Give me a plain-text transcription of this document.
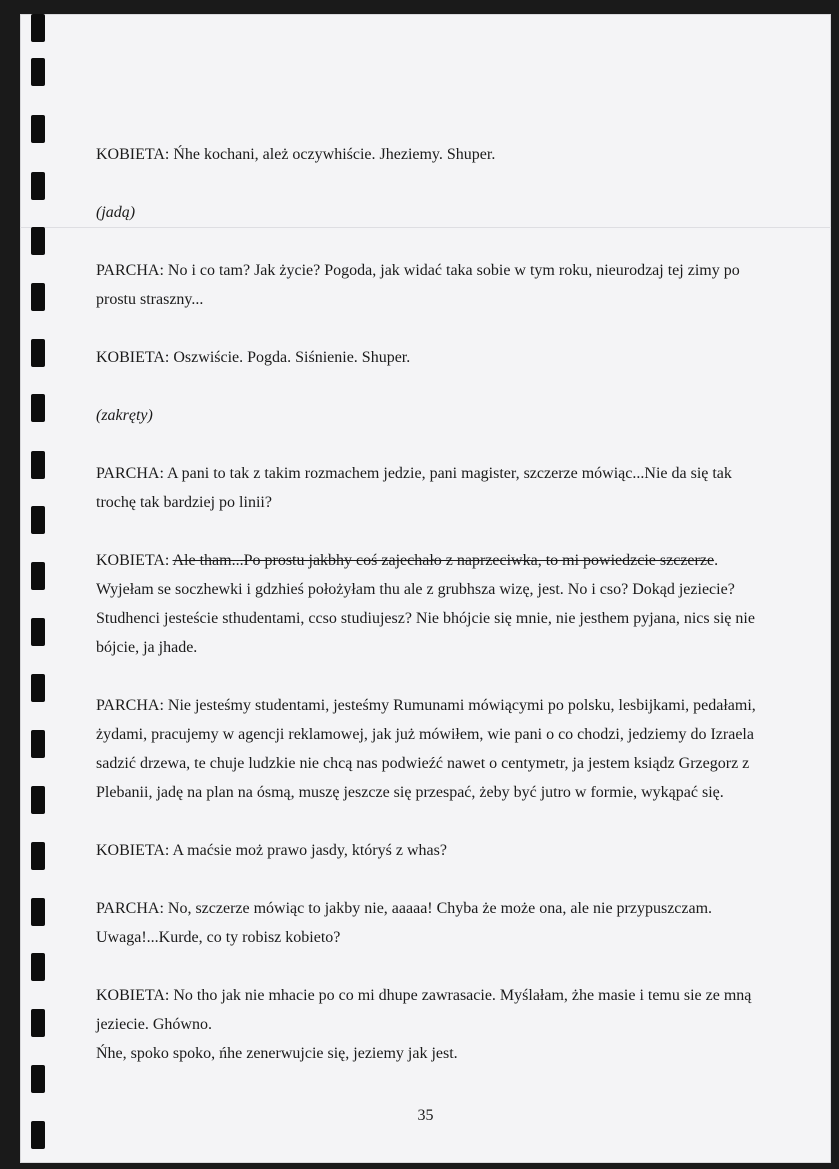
35

KOBIETA: Ńhe kochani, ależ oczywhiście. Jheziemy. Shuper.

(jadą)

PARCHA: No i co tam? Jak życie? Pogoda, jak widać taka sobie w tym roku, nieurodzaj tej zimy po prostu straszny...

KOBIETA: Oszwiście. Pogda. Siśnienie. Shuper.

(zakręty)

PARCHA: A pani to tak z takim rozmachem jedzie, pani magister, szczerze mówiąc...Nie da się tak trochę tak bardziej po linii?

KOBIETA: Ale tham...Po prostu jakbhy coś zajechało z naprzeciwka, to mi powiedzcie szczerze. Wyjełam se soczhewki i gdzhieś położyłam thu ale z grubhsza wizę, jest. No i cso? Dokąd jeziecie? Studhenci jesteście sthudentami, ccso studiujesz? Nie bhójcie się mnie, nie jesthem pyjana, nics się nie bójcie, ja jhade.

PARCHA: Nie jesteśmy studentami, jesteśmy Rumunami mówiącymi po polsku, lesbijkami, pedałami, żydami, pracujemy w agencji reklamowej, jak już mówiłem, wie pani o co chodzi, jedziemy do Izraela sadzić drzewa, te chuje ludzkie nie chcą nas podwieźć nawet o centymetr, ja jestem ksiądz Grzegorz z Plebanii, jadę na plan na ósmą, muszę jeszcze się przespać, żeby być jutro w formie, wykąpać się.

KOBIETA: A maćsie moż prawo jasdy, któryś z whas?

PARCHA: No, szczerze mówiąc to jakby nie, aaaaa! Chyba że może ona, ale nie przypuszczam. Uwaga!...Kurde, co ty robisz kobieto?

KOBIETA: No tho jak nie mhacie po co mi dhupe zawrasacie. Myślałam, żhe masie i temu sie ze mną jeziecie. Ghówno.

Ńhe, spoko spoko, ńhe zenerwujcie się, jeziemy jak jest.
